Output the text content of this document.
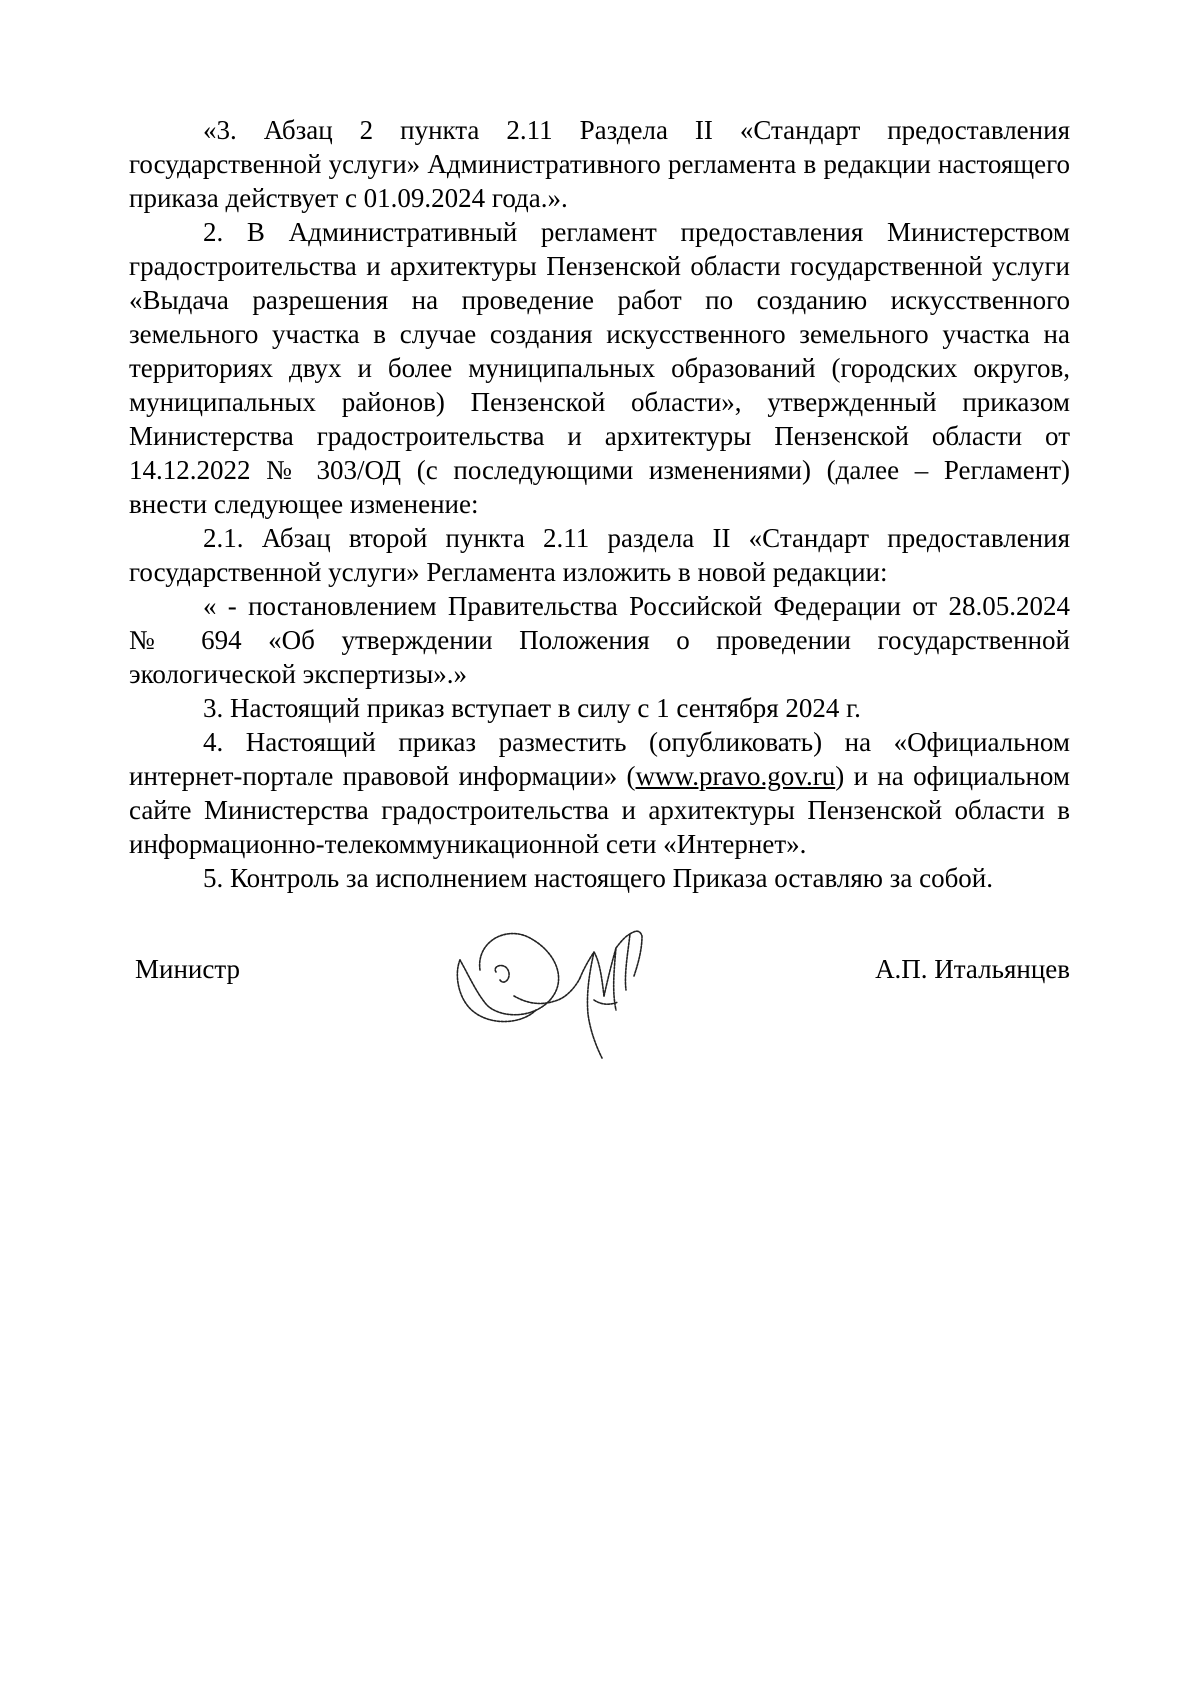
«3. Абзац 2 пункта 2.11 Раздела II «Стандарт предоставления государственной услуги» Административного регламента в редакции настоящего приказа действует с 01.09.2024 года.».

2. В Административный регламент предоставления Министерством градостроительства и архитектуры Пензенской области государственной услуги «Выдача разрешения на проведение работ по созданию искусственного земельного участка в случае создания искусственного земельного участка на территориях двух и более муниципальных образований (городских округов, муниципальных районов) Пензенской области», утвержденный приказом Министерства градостроительства и архитектуры Пензенской области от 14.12.2022 № 303/ОД (с последующими изменениями) (далее – Регламент) внести следующее изменение:

2.1. Абзац второй пункта 2.11 раздела II «Стандарт предоставления государственной услуги» Регламента изложить в новой редакции:

« - постановлением Правительства Российской Федерации от 28.05.2024 № 694 «Об утверждении Положения о проведении государственной экологической экспертизы».»

3. Настоящий приказ вступает в силу с 1 сентября 2024 г.

4. Настоящий приказ разместить (опубликовать) на «Официальном интернет-портале правовой информации» (www.pravo.gov.ru) и на официальном сайте Министерства градостроительства и архитектуры Пензенской области в информационно-телекоммуникационной сети «Интернет».

5. Контроль за исполнением настоящего Приказа оставляю за собой.

Министр	А.П. Итальянцев
